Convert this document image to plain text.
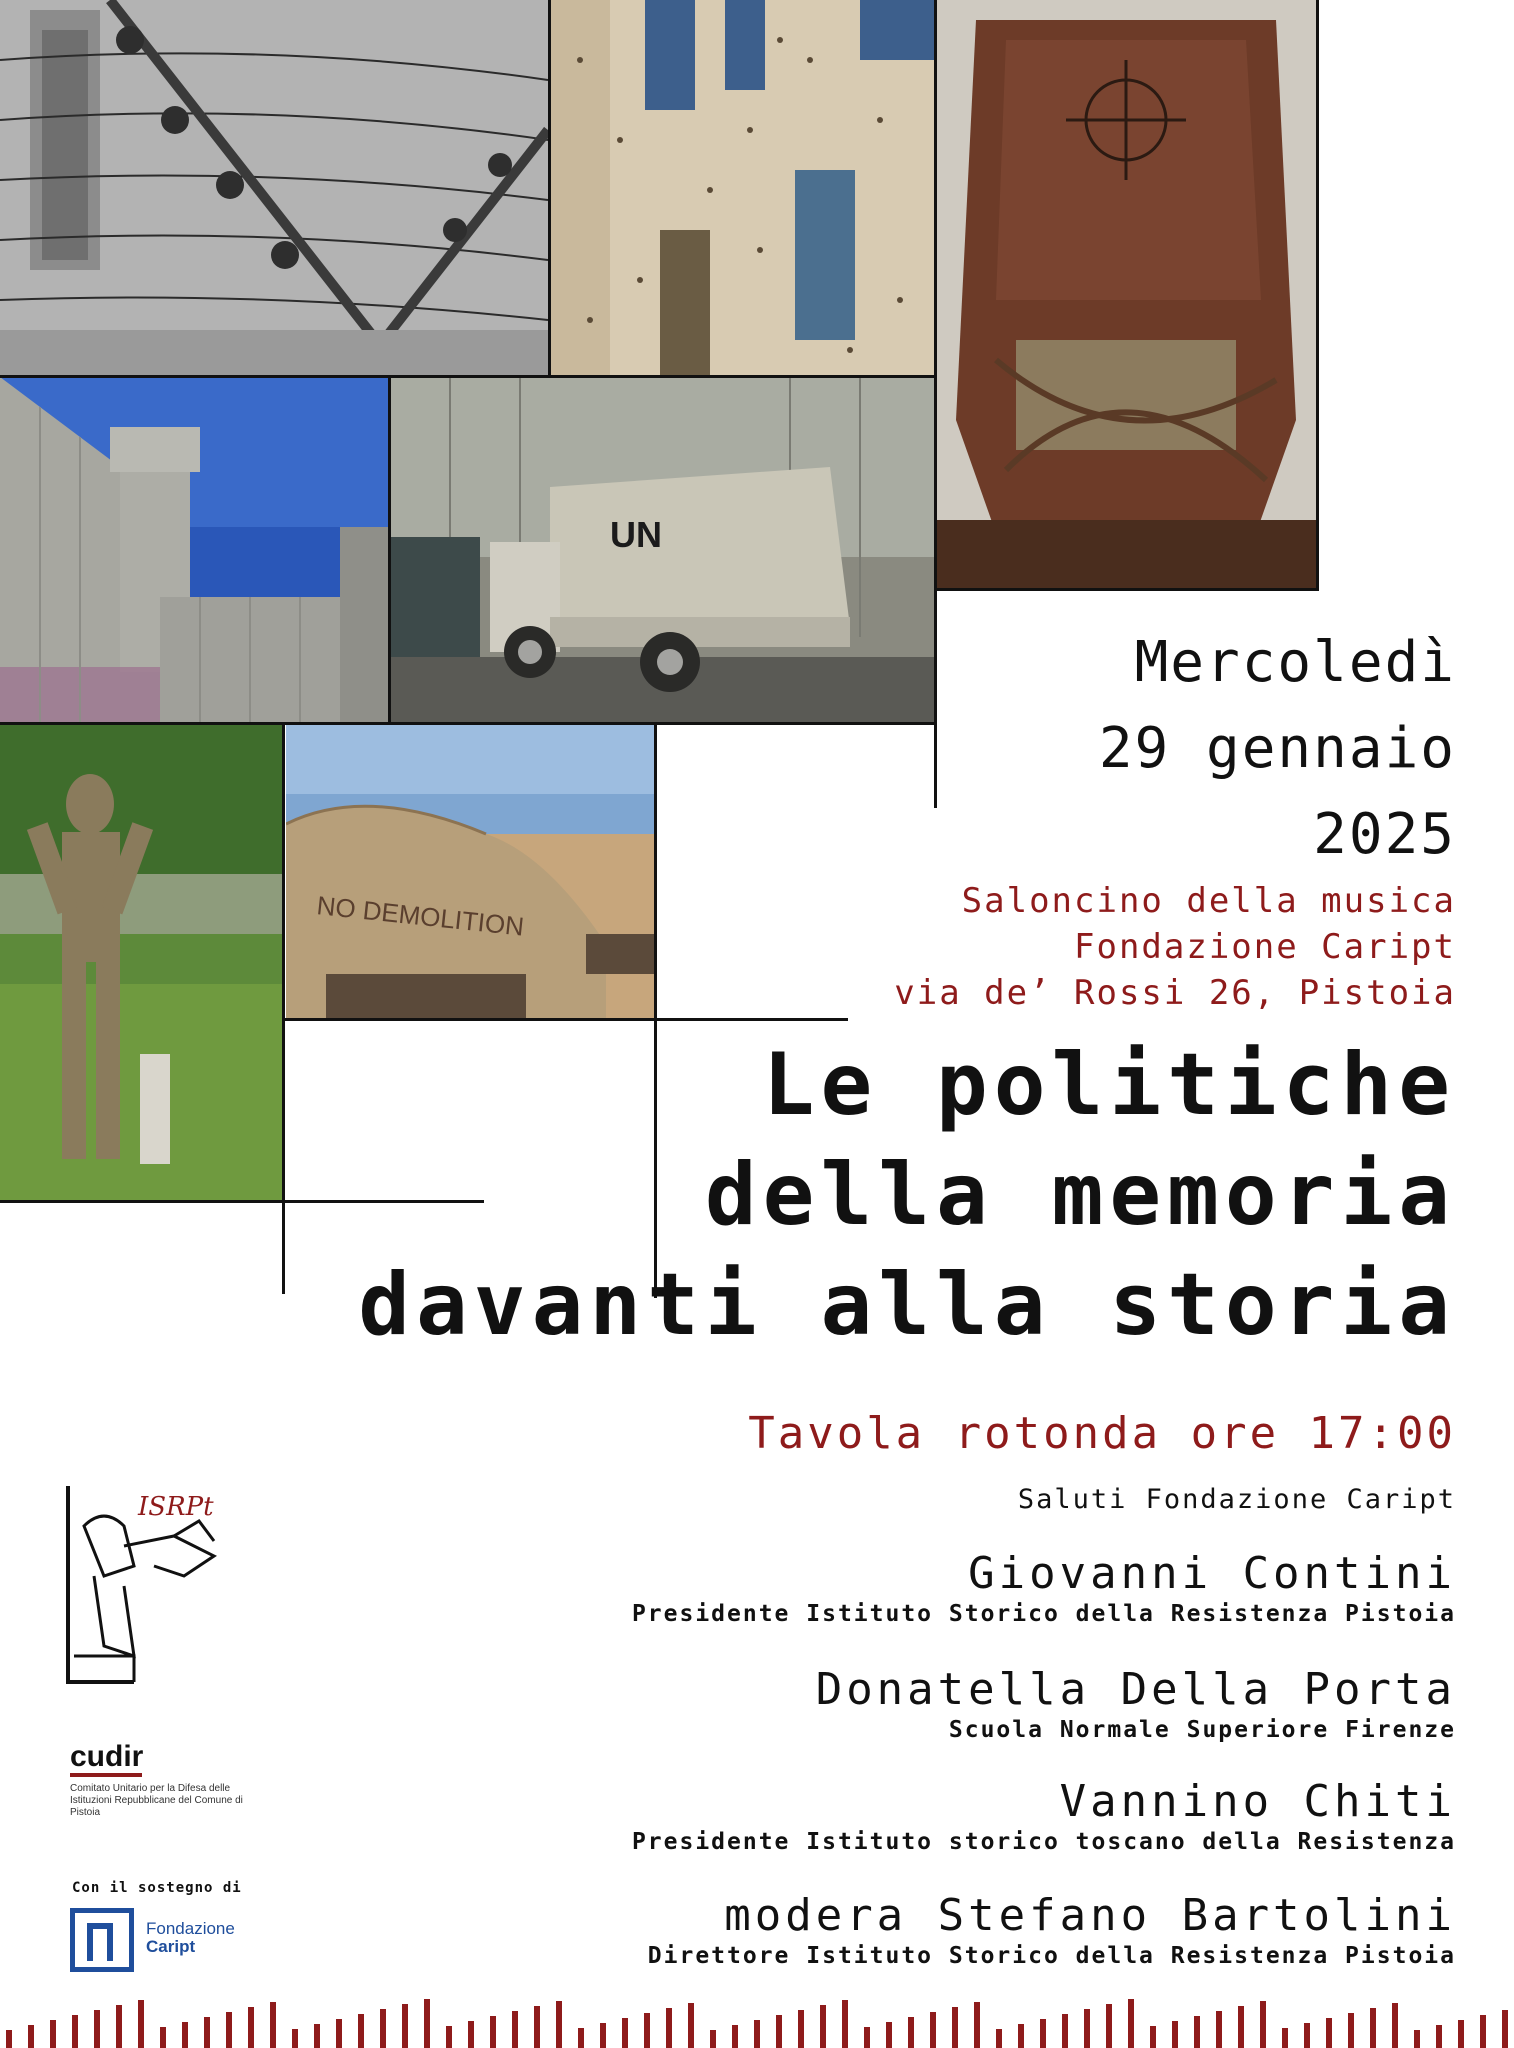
UN
NO DEMOLITION
Mercoledì
29 gennaio
2025
Saloncino della musica
Fondazione Caript
via de’ Rossi 26, Pistoia
Le politiche
della memoria
davanti alla storia
Tavola rotonda ore 17:00
Saluti Fondazione Caript
Giovanni Contini
Presidente Istituto Storico della Resistenza Pistoia
Donatella Della Porta
Scuola Normale Superiore Firenze
Vannino Chiti
Presidente Istituto storico toscano della Resistenza
modera Stefano Bartolini
Direttore Istituto Storico della Resistenza Pistoia
ISRPt
cudir
Comitato Unitario per la Difesa delle Istituzioni Repubblicane del Comune di Pistoia
Con il sostegno di
Fondazione
Caript
